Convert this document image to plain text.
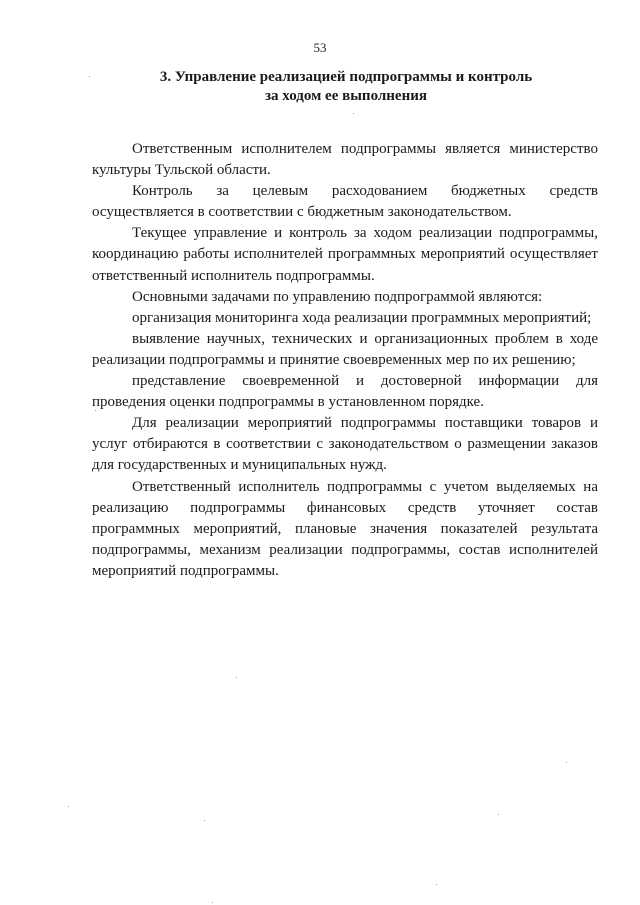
53
3. Управление реализацией подпрограммы и контроль
за ходом ее выполнения

Ответственным исполнителем подпрограммы является министерство культуры Тульской области.

Контроль за целевым расходованием бюджетных средств осуществляется в соответствии с бюджетным законодательством.

Текущее управление и контроль за ходом реализации подпрограммы, координацию работы исполнителей программных мероприятий осуществляет ответственный исполнитель подпрограммы.

Основными задачами по управлению подпрограммой являются:

организация мониторинга хода реализации программных мероприятий;

выявление научных, технических и организационных проблем в ходе реализации подпрограммы и принятие своевременных мер по их решению;

представление своевременной и достоверной информации для проведения оценки подпрограммы в установленном порядке.

Для реализации мероприятий подпрограммы поставщики товаров и услуг отбираются в соответствии с законодательством о размещении заказов для государственных и муниципальных нужд.

Ответственный исполнитель подпрограммы с учетом выделяемых на реализацию подпрограммы финансовых средств уточняет состав программных мероприятий, плановые значения показателей результата подпрограммы, механизм реализации подпрограммы, состав исполнителей мероприятий подпрограммы.
